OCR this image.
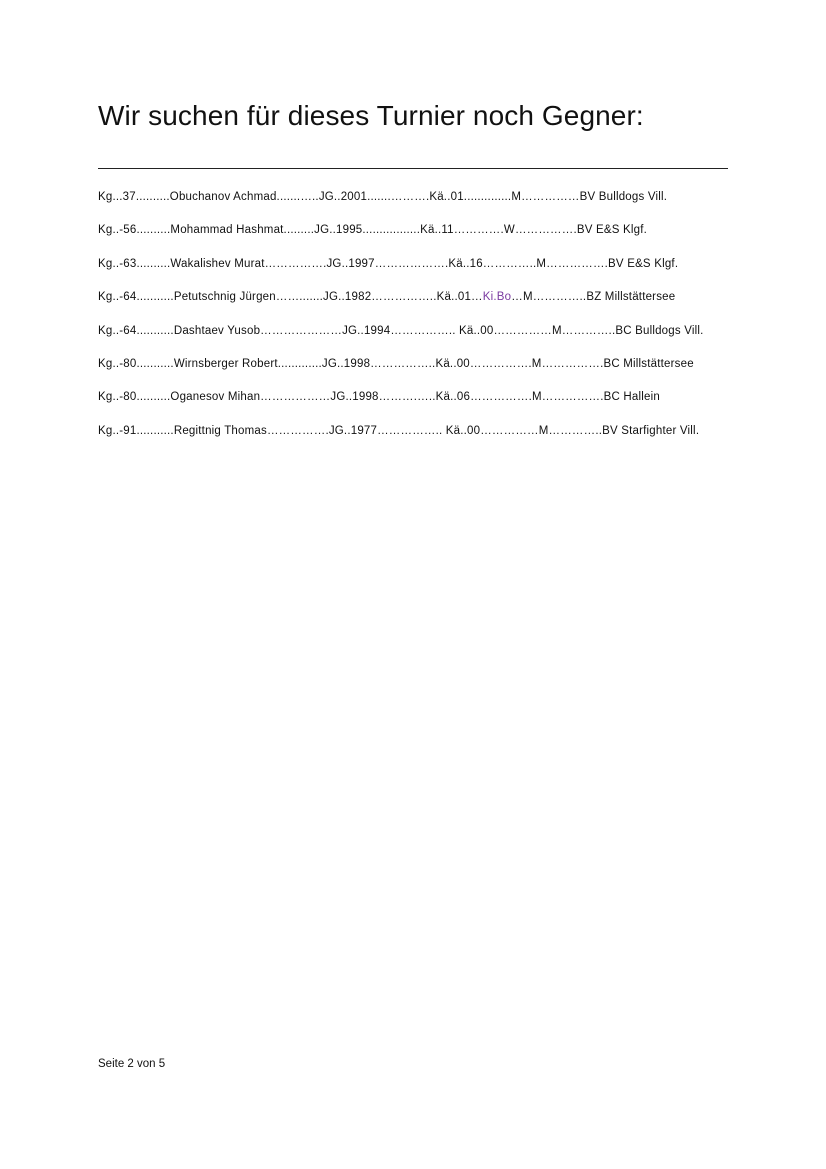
Wir suchen für dieses Turnier noch Gegner:
Kg...37..........Obuchanov Achmad.......…..JG..2001.......……….Kä..01..............M……………BV Bulldogs Vill.
Kg..-56..........Mohammad Hashmat.........JG..1995.................Kä..11………….W…………….BV E&S Klgf.
Kg..-63..........Wakalishev Murat…………….JG..1997……………….Kä..16…………..M…………….BV E&S Klgf.
Kg..-64...........Petutschnig Jürgen…….......JG..1982……………..Kä..01…Ki.Bo…M…………..BZ Millstättersee
Kg..-64...........Dashtaev Yusob…………………JG..1994…………….. Kä..00……………M…………..BC Bulldogs Vill.
Kg..-80...........Wirnsberger Robert.............JG..1998……………..Kä..00…………….M…………….BC Millstättersee
Kg..-80..........Oganesov Mihan………………JG..1998……….…..Kä..06…………….M…………….BC Hallein
Kg..-91...........Regittnig Thomas…………….JG..1977…………….. Kä..00……………M…………..BV Starfighter Vill.
Seite 2 von 5
